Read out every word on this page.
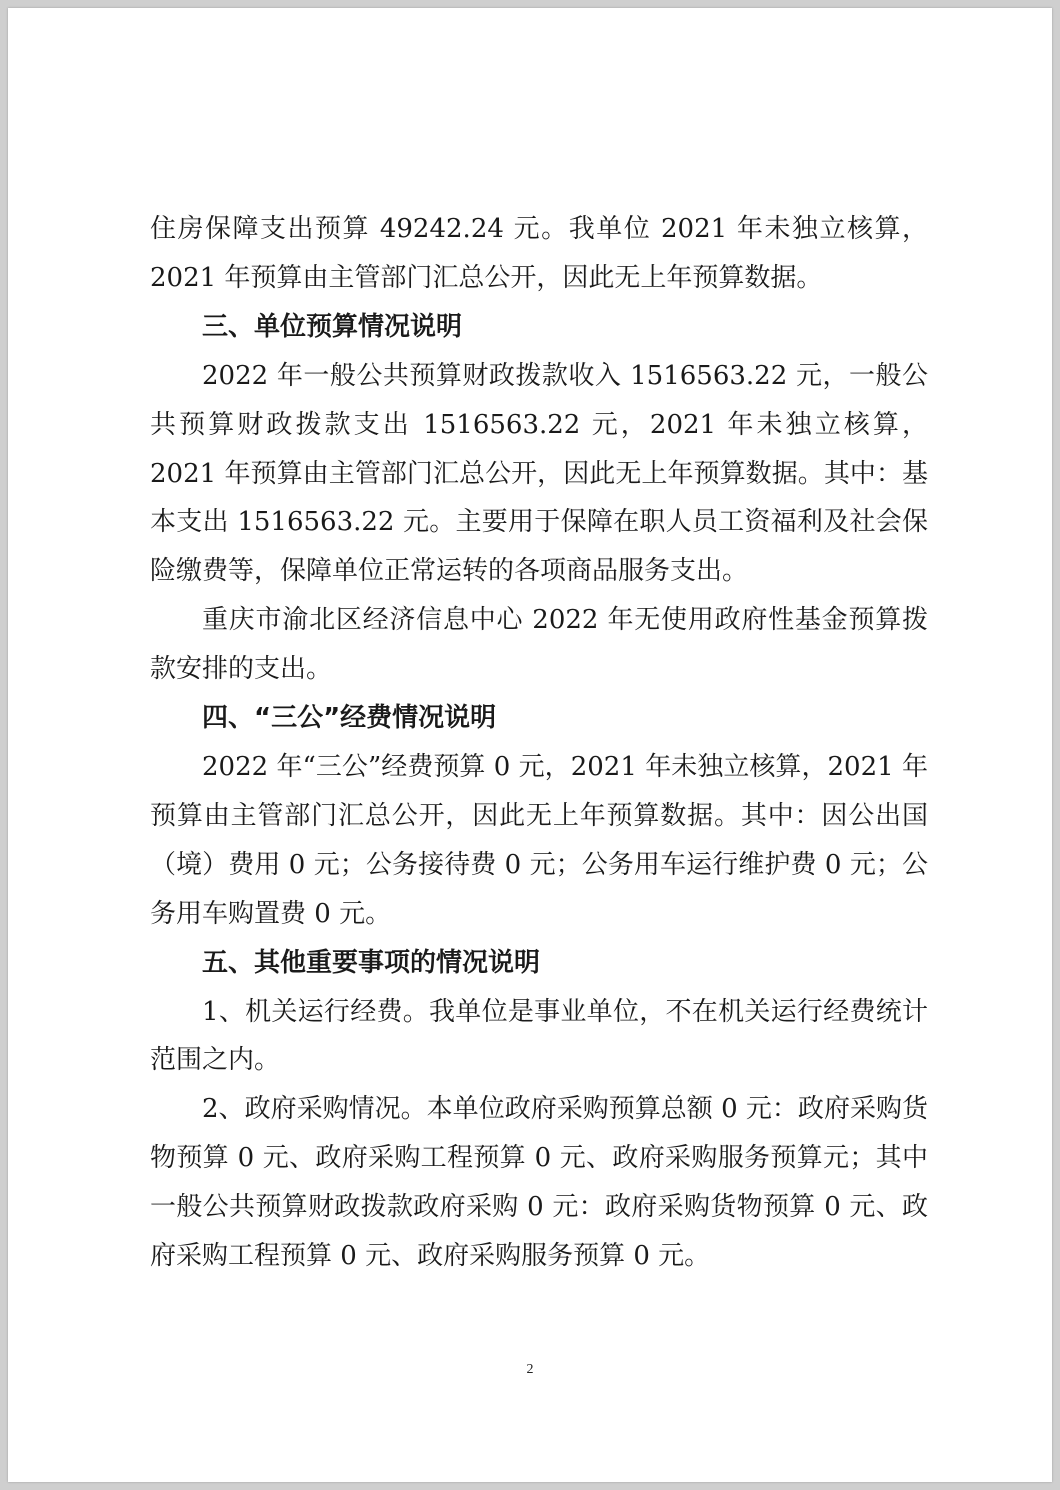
住房保障支出预算 49242.24 元。我单位 2021 年未独立核算，2021 年预算由主管部门汇总公开，因此无上年预算数据。

三、单位预算情况说明

2022 年一般公共预算财政拨款收入 1516563.22 元，一般公共预算财政拨款支出 1516563.22 元，2021 年未独立核算，2021 年预算由主管部门汇总公开，因此无上年预算数据。其中：基本支出 1516563.22 元。主要用于保障在职人员工资福利及社会保险缴费等，保障单位正常运转的各项商品服务支出。

重庆市渝北区经济信息中心 2022 年无使用政府性基金预算拨款安排的支出。

四、“三公”经费情况说明

2022 年“三公”经费预算 0 元，2021 年未独立核算，2021 年预算由主管部门汇总公开，因此无上年预算数据。其中：因公出国（境）费用 0 元；公务接待费 0 元；公务用车运行维护费 0 元；公务用车购置费 0 元。

五、其他重要事项的情况说明

1、机关运行经费。我单位是事业单位，不在机关运行经费统计范围之内。

2、政府采购情况。本单位政府采购预算总额 0 元：政府采购货物预算 0 元、政府采购工程预算 0 元、政府采购服务预算元；其中一般公共预算财政拨款政府采购 0 元：政府采购货物预算 0 元、政府采购工程预算 0 元、政府采购服务预算 0 元。

2
